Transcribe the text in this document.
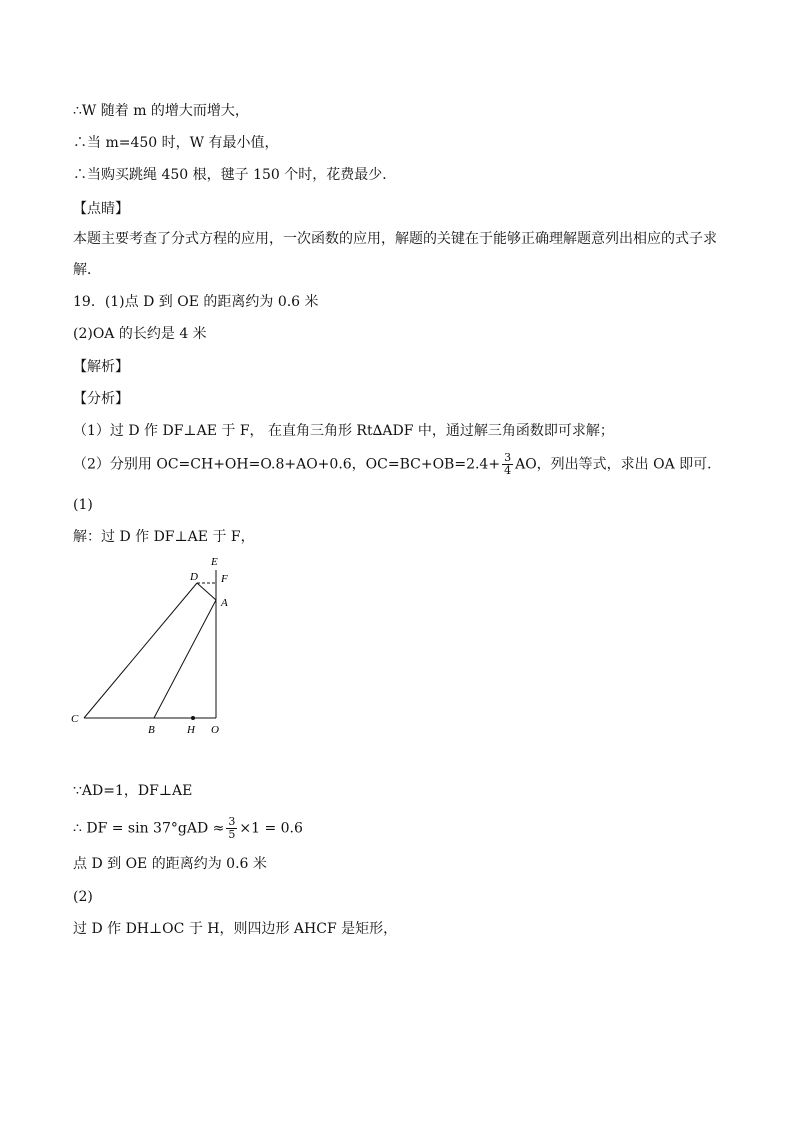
∴W 随着 m 的增大而增大，
∴当 m=450 时，W 有最小值，
∴当购买跳绳 450 根，毽子 150 个时，花费最少．
【点睛】
本题主要考查了分式方程的应用，一次函数的应用，解题的关键在于能够正确理解题意列出相应的式子求解．
19．(1)点 D 到 OE 的距离约为 0.6 米
(2)OA 的长约是 4 米
【解析】
【分析】
（1）过 D 作 DF⊥AE 于 F， 在直角三角形 Rt∆ADF 中，通过解三角函数即可求解；
（2）分别用 OC=CH+OH=O.8+AO+0.6，$OC=BC+OB=2.4+ \frac{3}{4}$ AO，列出等式，求出 OA 即可．
(1)
解：过 D 作 DF⊥AE 于 F，
E
D F
A
C
B	H O
∵AD=1，DF⊥AE
∴ DF = $\sin 37^\circ gAD \approx \frac{3}{5} \times 1 = 0.6$
点 D 到 OE 的距离约为 0.6 米
(2)
过 D 作 DH⊥OC 于 H，则四边形 AHCF 是矩形，
